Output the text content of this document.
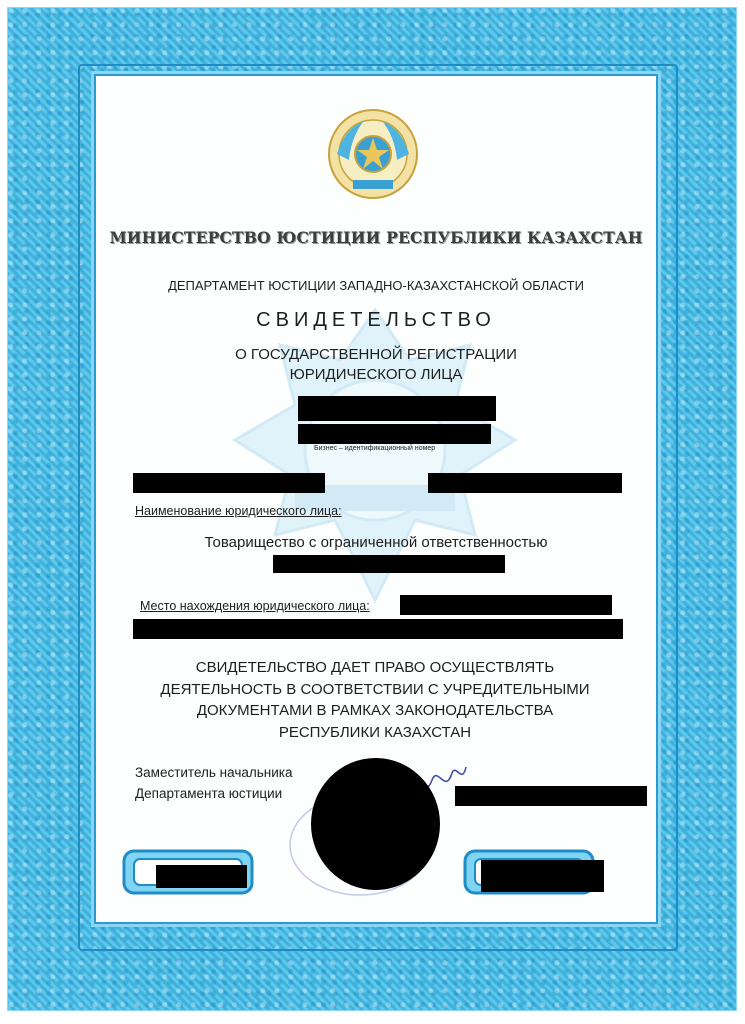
МИНИСТЕРСТВО ЮСТИЦИИ РЕСПУБЛИКИ КАЗАХСТАН
ДЕПАРТАМЕНТ ЮСТИЦИИ ЗАПАДНО-КАЗАХСТАНСКОЙ ОБЛАСТИ
СВИДЕТЕЛЬСТВО
О ГОСУДАРСТВЕННОЙ РЕГИСТРАЦИИ
ЮРИДИЧЕСКОГО ЛИЦА
Бизнес – идентификационный номер
Наименование юридического лица:
Товарищество с ограниченной ответственностью
Место нахождения юридического лица:
СВИДЕТЕЛЬСТВО ДАЕТ ПРАВО ОСУЩЕСТВЛЯТЬ
ДЕЯТЕЛЬНОСТЬ В СООТВЕТСТВИИ С УЧРЕДИТЕЛЬНЫМИ
ДОКУМЕНТАМИ В РАМКАХ ЗАКОНОДАТЕЛЬСТВА
РЕСПУБЛИКИ КАЗАХСТАН
Заместитель начальника
Департамента юстиции
